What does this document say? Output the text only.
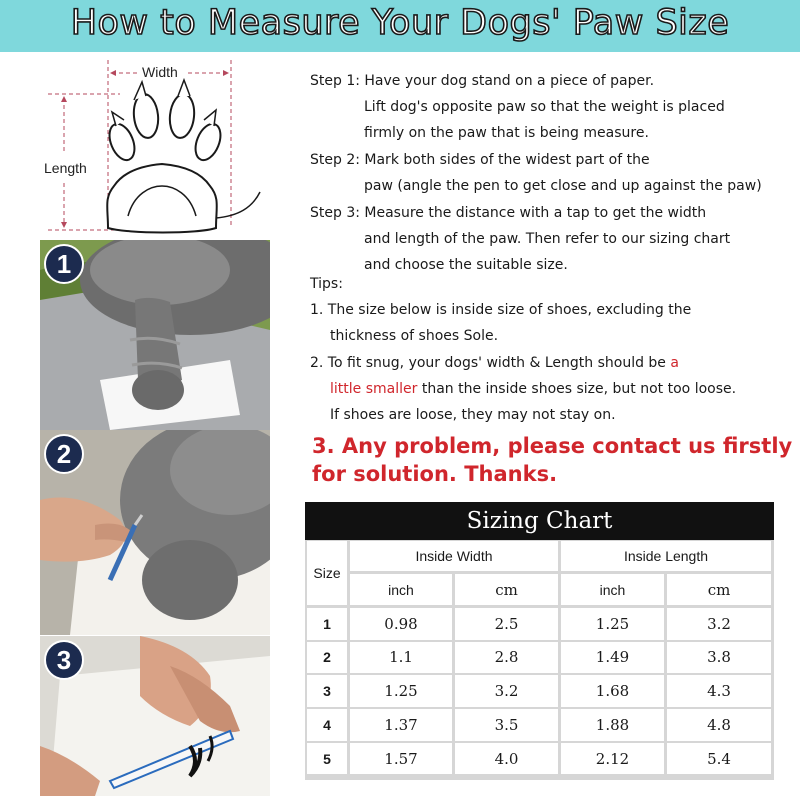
How to Measure Your Dogs' Paw Size
Width
Length
1
2
3
Step 1: Have your dog stand on a piece of paper.
Lift dog's opposite paw so that the weight is placed
firmly on the paw that is being measure.
Step 2: Mark both sides of the widest part of the
paw (angle the pen to get close and up against the paw)
Step 3: Measure the distance with a tap to get the width
and length of the paw. Then refer to our sizing chart
and choose the suitable size.
Tips:
1. The size below is inside size of shoes, excluding the
thickness of shoes Sole.
2. To fit snug, your dogs' width & Length should be a
little smaller than the inside shoes size, but not too loose.
If shoes are loose, they may not stay on.
3. Any problem, please contact us firstly
for solution. Thanks.
Sizing Chart
Size
Inside Width	Inside Length
inch	cm	inch	cm
1	0.98	2.5	1.25	3.2
2	1.1	2.8	1.49	3.8
3	1.25	3.2	1.68	4.3
4	1.37	3.5	1.88	4.8
5	1.57	4.0	2.12	5.4
